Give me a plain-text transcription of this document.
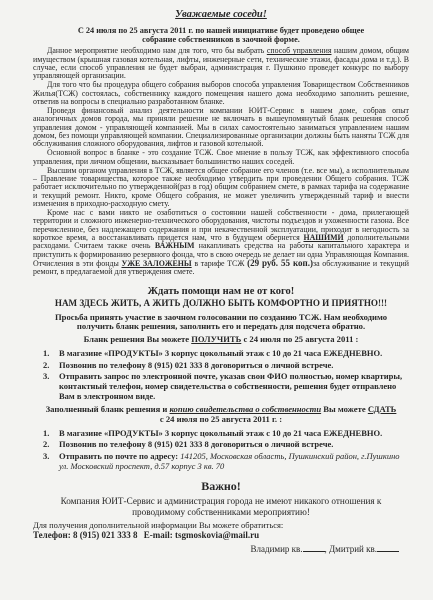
Уважаемые соседи!
С 24 июля по 25 августа 2011 г. по нашей инициативе будет проведено общее собрание собственников в заочной форме.

Данное мероприятие необходимо нам для того, что бы выбрать способ управления нашим домом, общим имуществом (крышная газовая котельная, лифты, инженерные сети, технические этажи, фасады дома и т.д.). В случае, если способ управления не будет выбран, администрация г. Пушкино проведет конкурс по выбору управляющей организации.

Для того что бы процедура общего собрания выборов способа управления Товариществом Собственников Жилья(ТСЖ) состоялась, собственнику каждого помещения нашего дома необходимо заполнить решение, ответив на вопросы в специально разработанном бланке.

Проведя финансовый анализ деятельности компании ЮИТ-Сервис в нашем доме, собрав опыт аналогичных домов города, мы приняли решение не включать в вышеупомянутый бланк решения способ управления домом - управляющей компанией. Мы в силах самостоятельно заниматься управлением нашим домом, без помощи управляющей компании. Специализированные организации должны быть наняты ТСЖ для обслуживания сложного оборудования, лифтов и газовой котельной.

Основной вопрос в бланке - это создание ТСЖ. Свое мнение в пользу ТСЖ, как эффективного способа управления, при личном общении, высказывает большинство наших соседей.

Высшим органом управления в ТСЖ, является общее собрание его членов (т.е. все мы), а исполнительным – Правление товарищества, которое также необходимо утвердить при проведении Общего собрания. ТСЖ работает исключительно по утвержденной(раз в год) общим собранием смете, в рамках тарифа на содержание и текущий ремонт. Никто, кроме Общего собрания, не может увеличить утвержденный тариф и внести изменения в приходно-расходную смету.

Кроме нас с вами никто не озаботиться о состоянии нашей собственности - дома, прилегающей территории и сложного инженерно-технического оборудования, чистоты подъездов и ухоженности газона. Все перечисленное, без надлежащего содержания и при некачественной эксплуатации, приходит в негодность за короткое время, а восстанавливать придется нам, что в будущем обернется НАШИМИ дополнительными расходами. Считаем также очень ВАЖНЫМ накапливать средства на работы капитального характера и приступить к формированию резервного фонда, что в свою очередь не делает ни одна Управляющая Компания. Отчисления в эти фонды УЖЕ ЗАЛОЖЕНЫ в тарифе ТСЖ (29 руб. 55 коп.)за обслуживание и текущий ремонт, в предлагаемой для утверждения смете.

Ждать помощи нам не от кого!
НАМ ЗДЕСЬ ЖИТЬ, А ЖИТЬ ДОЛЖНО БЫТЬ КОМФОРТНО И ПРИЯТНО!!!
Просьба принять участие в заочном голосовании по созданию ТСЖ. Нам необходимо получить бланк решения, заполнить его и передать для подсчета обратно.
Бланк решения Вы можете ПОЛУЧИТЬ с 24 июля по 25 августа 2011 :
1.	В магазине «ПРОДУКТЫ» 3 корпус цокольный этаж с 10 до 21 часа ЕЖЕДНЕВНО.
2.	Позвонив по телефону 8 (915) 021 333 8 договориться о личной встрече.
3.	Отправить запрос по электронной почте, указав свои ФИО полностью, номер квартиры, контактный телефон, номер свидетельства о собственности, решения будет отправлено Вам в электронном виде.
Заполненный бланк решения и копию свидетельства о собственности Вы можете СДАТЬ с 24 июля по 25 августа 2011 г. :
1.	В магазине «ПРОДУКТЫ» 3 корпус цокольный этаж с 10 до 21 часа ЕЖЕДНЕВНО.
2.	Позвонив по телефону 8 (915) 021 333 8 договориться о личной встрече.
3.	Отправить по почте по адресу: 141205, Московская область, Пушкинский район, г.Пушкино ул. Московский проспект, д.57 корпус 3 кв. 70
Важно!
Компания ЮИТ-Сервис и администрация города не имеют никакого отношения к проводимому собственниками мероприятию!
Для получения дополнительной информации Вы можете обратиться:
Телефон: 8 (915) 021 333 8 E-mail: tsgmoskovia@mail.ru
Владимир кв. , Дмитрий кв.
